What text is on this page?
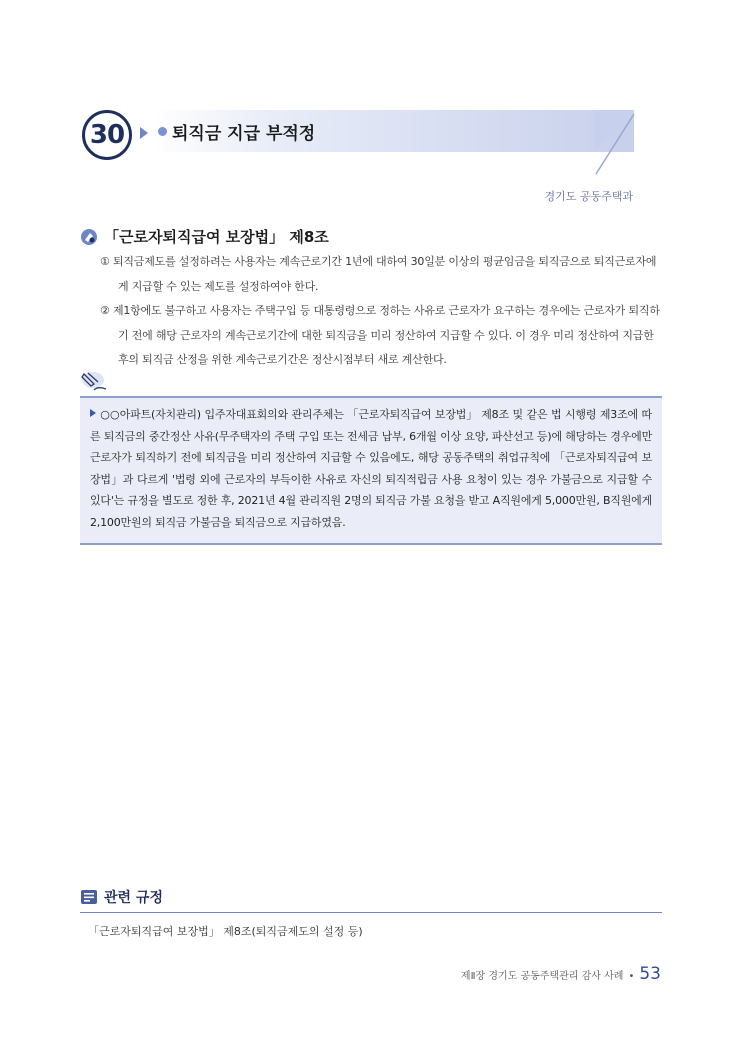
30	퇴직금 지급 부적정
경기도 공동주택과
「근로자퇴직급여 보장법」 제8조

① 퇴직금제도를 설정하려는 사용자는 계속근로기간 1년에 대하여 30일분 이상의 평균임금을 퇴직금으로 퇴직근로자에게 지급할 수 있는 제도를 설정하여야 한다.

② 제1항에도 불구하고 사용자는 주택구입 등 대통령령으로 정하는 사유로 근로자가 요구하는 경우에는 근로자가 퇴직하기 전에 해당 근로자의 계속근로기간에 대한 퇴직금을 미리 정산하여 지급할 수 있다. 이 경우 미리 정산하여 지급한 후의 퇴직금 산정을 위한 계속근로기간은 정산시점부터 새로 계산한다.

○○아파트(자치관리) 입주자대표회의와 관리주체는 「근로자퇴직급여 보장법」 제8조 및 같은 법 시행령 제3조에 따른 퇴직금의 중간정산 사유(무주택자의 주택 구입 또는 전세금 납부, 6개월 이상 요양, 파산선고 등)에 해당하는 경우에만 근로자가 퇴직하기 전에 퇴직금을 미리 정산하여 지급할 수 있음에도, 해당 공동주택의 취업규칙에 「근로자퇴직급여 보장법」과 다르게 '법령 외에 근로자의 부득이한 사유로 자신의 퇴직적립금 사용 요청이 있는 경우 가불금으로 지급할 수 있다'는 규정을 별도로 정한 후, 2021년 4월 관리직원 2명의 퇴직금 가불 요청을 받고 A직원에게 5,000만원, B직원에게 2,100만원의 퇴직금 가불금을 퇴직금으로 지급하였음.

관련 규정
「근로자퇴직급여 보장법」 제8조(퇴직금제도의 설정 등)
제Ⅱ장 경기도 공동주택관리 감사 사례 • 53
